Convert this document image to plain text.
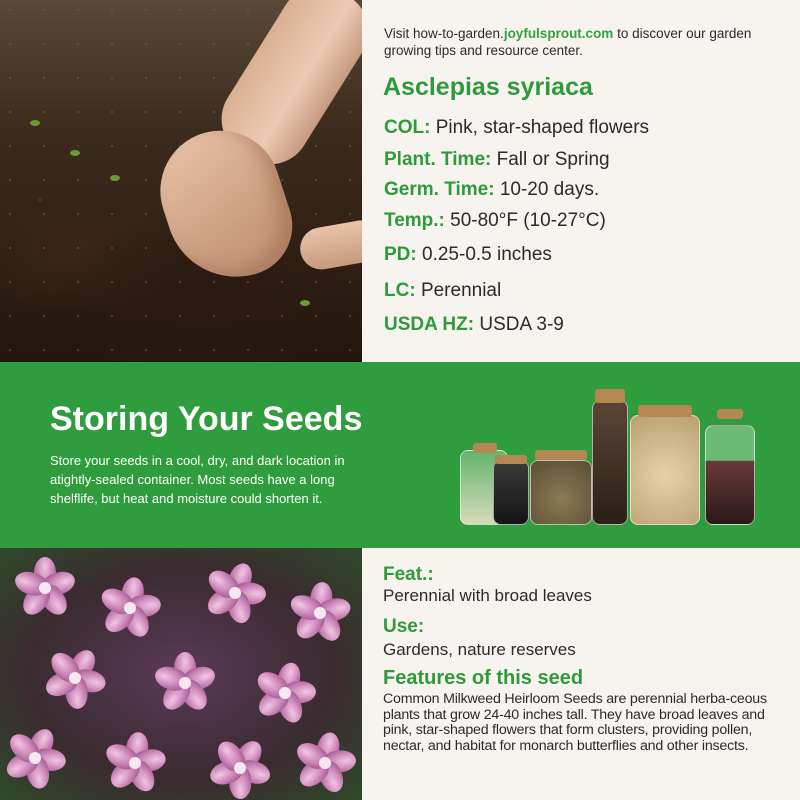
Visit how-to-garden.joyfulsprout.com to discover our garden growing tips and resource center.
Asclepias syriaca
COL: Pink, star-shaped flowers
Plant. Time: Fall or Spring
Germ. Time: 10-20 days.
Temp.: 50-80°F (10-27°C)
PD: 0.25-0.5 inches
LC: Perennial
USDA HZ: USDA 3-9
Storing Your Seeds
Store your seeds in a cool, dry, and dark location in atightly-sealed container. Most seeds have a long shelflife, but heat and moisture could shorten it.
Feat.:
Perennial with broad leaves
Use:
Gardens, nature reserves
Features of this seed
Common Milkweed Heirloom Seeds are perennial herba-ceous plants that grow 24-40 inches tall. They have broad leaves and pink, star-shaped flowers that form clusters, providing pollen, nectar, and habitat for monarch butterflies and other insects.
